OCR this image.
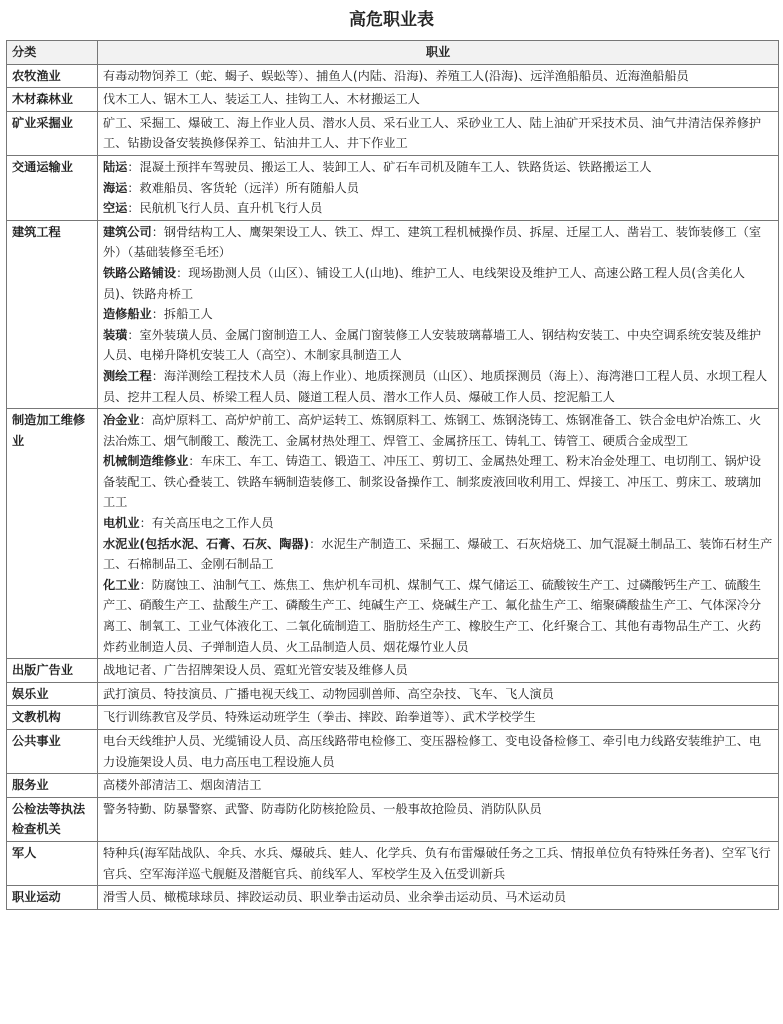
高危职业表
分类	职业
农牧渔业	有毒动物饲养工（蛇、蝎子、蜈蚣等）、捕鱼人(内陆、沿海)、养殖工人(沿海)、远洋渔船船员、近海渔船船员
木材森林业	伐木工人、锯木工人、装运工人、挂钩工人、木材搬运工人
矿业采掘业	矿工、采掘工、爆破工、海上作业人员、潜水人员、采石业工人、采砂业工人、陆上油矿开采技术员、油气井清洁保养修护工、钻勘设备安装换修保养工、钻油井工人、井下作业工
交通运输业	陆运：混凝土预拌车驾驶员、搬运工人、装卸工人、矿石车司机及随车工人、铁路货运、铁路搬运工人
海运：救难船员、客货轮（远洋）所有随船人员
空运：民航机飞行人员、直升机飞行人员

建筑工程	建筑公司：钢骨结构工人、鹰架架设工人、铁工、焊工、建筑工程机械操作员、拆屋、迁屋工人、凿岩工、装饰装修工（室外）（基础装修至毛坯）
铁路公路铺设：现场勘测人员（山区）、铺设工人(山地)、维护工人、电线架设及维护工人、高速公路工程人员(含美化人员)、铁路舟桥工
造修船业：拆船工人
装璜：室外装璜人员、金属门窗制造工人、金属门窗装修工人安装玻璃幕墙工人、钢结构安装工、中央空调系统安装及维护人员、电梯升降机安装工人（高空）、木制家具制造工人
测绘工程：海洋测绘工程技术人员（海上作业）、地质探测员（山区）、地质探测员（海上）、海湾港口工程人员、水坝工程人员、挖井工程人员、桥梁工程人员、隧道工程人员、潜水工作人员、爆破工作人员、挖泥船工人

制造加工维修业	冶金业：高炉原料工、高炉炉前工、高炉运转工、炼钢原料工、炼钢工、炼钢浇铸工、炼钢准备工、铁合金电炉冶炼工、火法冶炼工、烟气制酸工、酸洗工、金属材热处理工、焊管工、金属挤压工、铸轧工、铸管工、硬质合金成型工
机械制造维修业：车床工、车工、铸造工、锻造工、冲压工、剪切工、金属热处理工、粉末冶金处理工、电切削工、锅炉设备装配工、铁心叠装工、铁路车辆制造装修工、制浆设备操作工、制浆废液回收利用工、焊接工、冲压工、剪床工、玻璃加工工
电机业：有关高压电之工作人员
水泥业(包括水泥、石膏、石灰、陶器)：水泥生产制造工、采掘工、爆破工、石灰焙烧工、加气混凝土制品工、装饰石材生产工、石棉制品工、金刚石制品工
化工业：防腐蚀工、油制气工、炼焦工、焦炉机车司机、煤制气工、煤气储运工、硫酸铵生产工、过磷酸钙生产工、硫酸生产工、硝酸生产工、盐酸生产工、磷酸生产工、纯碱生产工、烧碱生产工、氟化盐生产工、缩聚磷酸盐生产工、气体深冷分离工、制氧工、工业气体液化工、二氧化硫制造工、脂肪烃生产工、橡胶生产工、化纤聚合工、其他有毒物品生产工、火药炸药业制造人员、子弹制造人员、火工品制造人员、烟花爆竹业人员

出版广告业	战地记者、广告招牌架设人员、霓虹光管安装及维修人员
娱乐业	武打演员、特技演员、广播电视天线工、动物园驯兽师、高空杂技、飞车、飞人演员
文教机构	飞行训练教官及学员、特殊运动班学生（拳击、摔跤、跆拳道等）、武术学校学生
公共事业	电台天线维护人员、光缆铺设人员、高压线路带电检修工、变压器检修工、变电设备检修工、牵引电力线路安装维护工、电力设施架设人员、电力高压电工程设施人员
服务业	高楼外部清洁工、烟囱清洁工
公检法等执法检查机关	警务特勤、防暴警察、武警、防毒防化防核抢险员、一般事故抢险员、消防队队员
军人	特种兵(海军陆战队、伞兵、水兵、爆破兵、蛙人、化学兵、负有布雷爆破任务之工兵、情报单位负有特殊任务者)、空军飞行官兵、空军海洋巡弋舰艇及潜艇官兵、前线军人、军校学生及入伍受训新兵
职业运动	滑雪人员、橄榄球球员、摔跤运动员、职业拳击运动员、业余拳击运动员、马术运动员
